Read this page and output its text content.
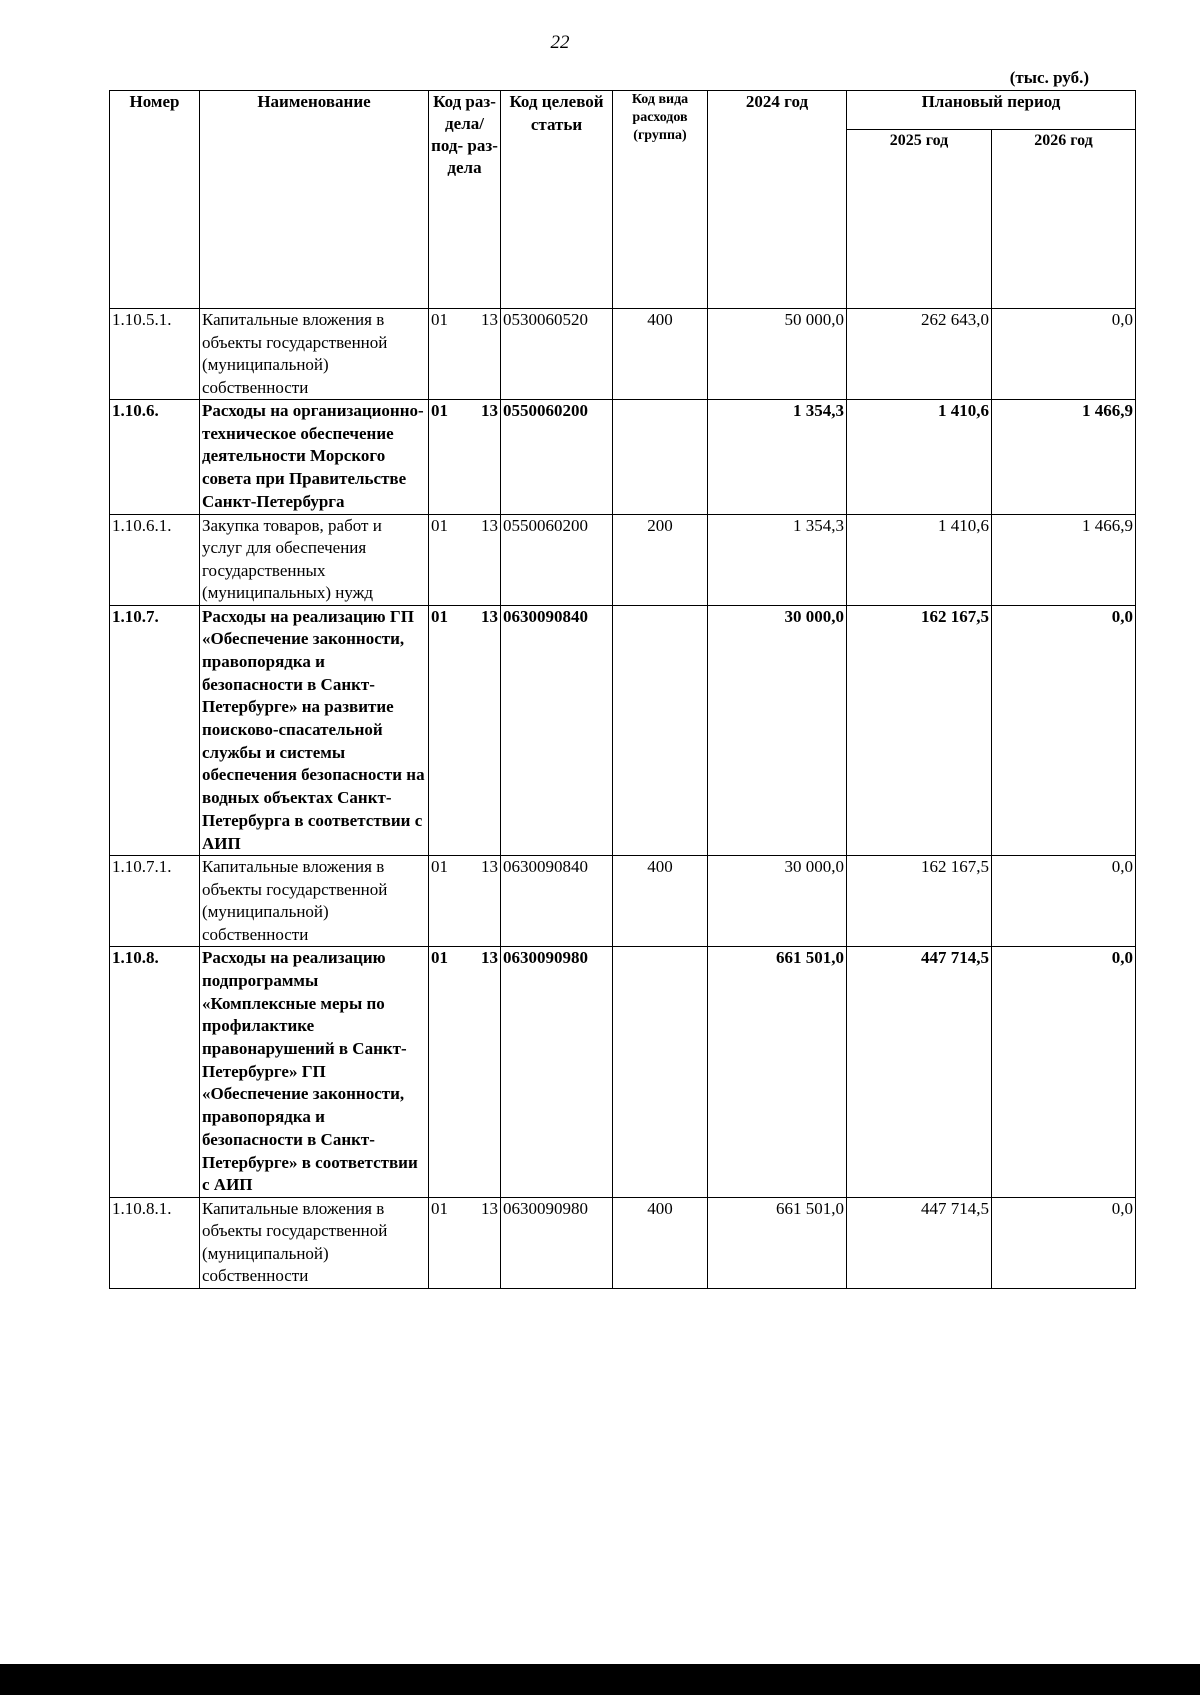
22
(тыс. руб.)
Номер	Наименование	Код раз- дела/ под- раз- дела	Код целевой статьи	Код вида расходов (группа)	2024 год	Плановый период	
						2025 год	2026 год
1.10.5.1.	Капитальные вложения в объекты государственной (муниципальной) собственности	01 13	0530060520	400	50 000,0	262 643,0	0,0
1.10.6.	Расходы на организационно-техническое обеспечение деятельности Морского совета при Правительстве Санкт-Петербурга	01 13	0550060200		1 354,3	1 410,6	1 466,9
1.10.6.1.	Закупка товаров, работ и услуг для обеспечения государственных (муниципальных) нужд	01 13	0550060200	200	1 354,3	1 410,6	1 466,9
1.10.7.	Расходы на реализацию ГП «Обеспечение законности, правопорядка и безопасности в Санкт-Петербурге» на развитие поисково-спасательной службы и системы обеспечения безопасности на водных объектах Санкт-Петербурга в соответствии с АИП	01 13	0630090840		30 000,0	162 167,5	0,0
1.10.7.1.	Капитальные вложения в объекты государственной (муниципальной) собственности	01 13	0630090840	400	30 000,0	162 167,5	0,0
1.10.8.	Расходы на реализацию подпрограммы «Комплексные меры по профилактике правонарушений в Санкт-Петербурге» ГП «Обеспечение законности, правопорядка и безопасности в Санкт-Петербурге» в соответствии с АИП	01 13	0630090980		661 501,0	447 714,5	0,0
1.10.8.1.	Капитальные вложения в объекты государственной (муниципальной) собственности	01 13	0630090980	400	661 501,0	447 714,5	0,0
